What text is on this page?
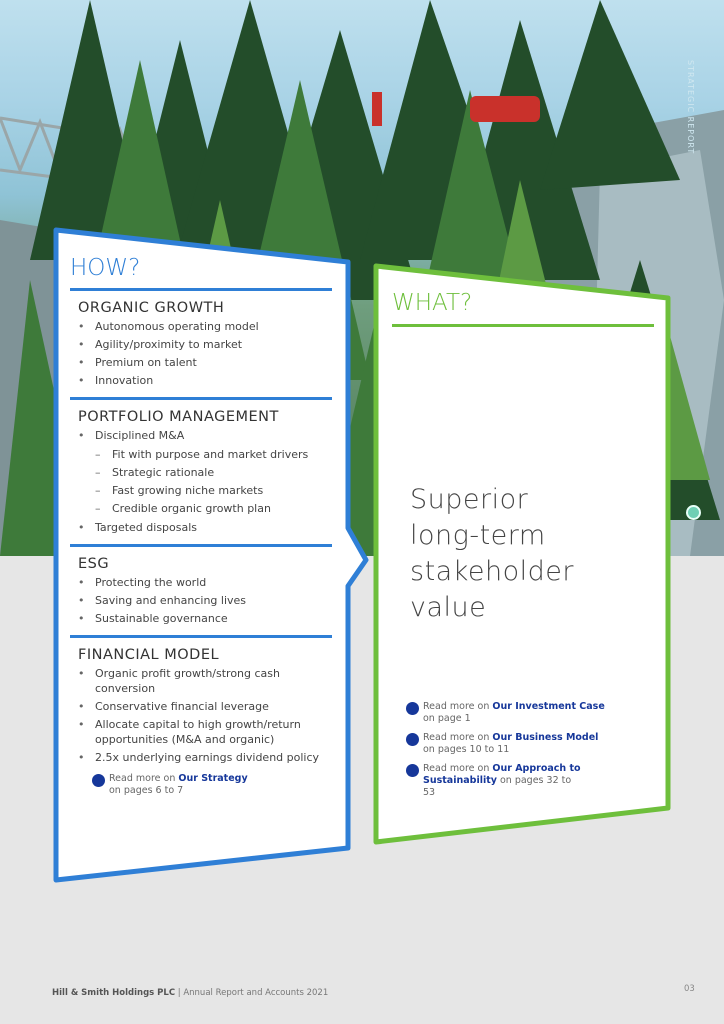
STRATEGIC REPORT
HOW?
ORGANIC GROWTH
• Autonomous operating model
• Agility/proximity to market
• Premium on talent
• Innovation
PORTFOLIO MANAGEMENT
• Disciplined M&A
– Fit with purpose and market drivers
– Strategic rationale
– Fast growing niche markets
– Credible organic growth plan
• Targeted disposals
ESG
• Protecting the world
• Saving and enhancing lives
• Sustainable governance
FINANCIAL MODEL
• Organic profit growth/strong cash conversion
• Conservative financial leverage
• Allocate capital to high growth/return opportunities (M&A and organic)
• 2.5x underlying earnings dividend policy
Read more on Our Strategy
on pages 6 to 7
WHAT?
Superior
long-term
stakeholder
value
Read more on Our Investment Case
on page 1
Read more on Our Business Model
on pages 10 to 11
Read more on Our Approach to Sustainability on pages 32 to 53
Hill & Smith Holdings PLC | Annual Report and Accounts 2021	03
